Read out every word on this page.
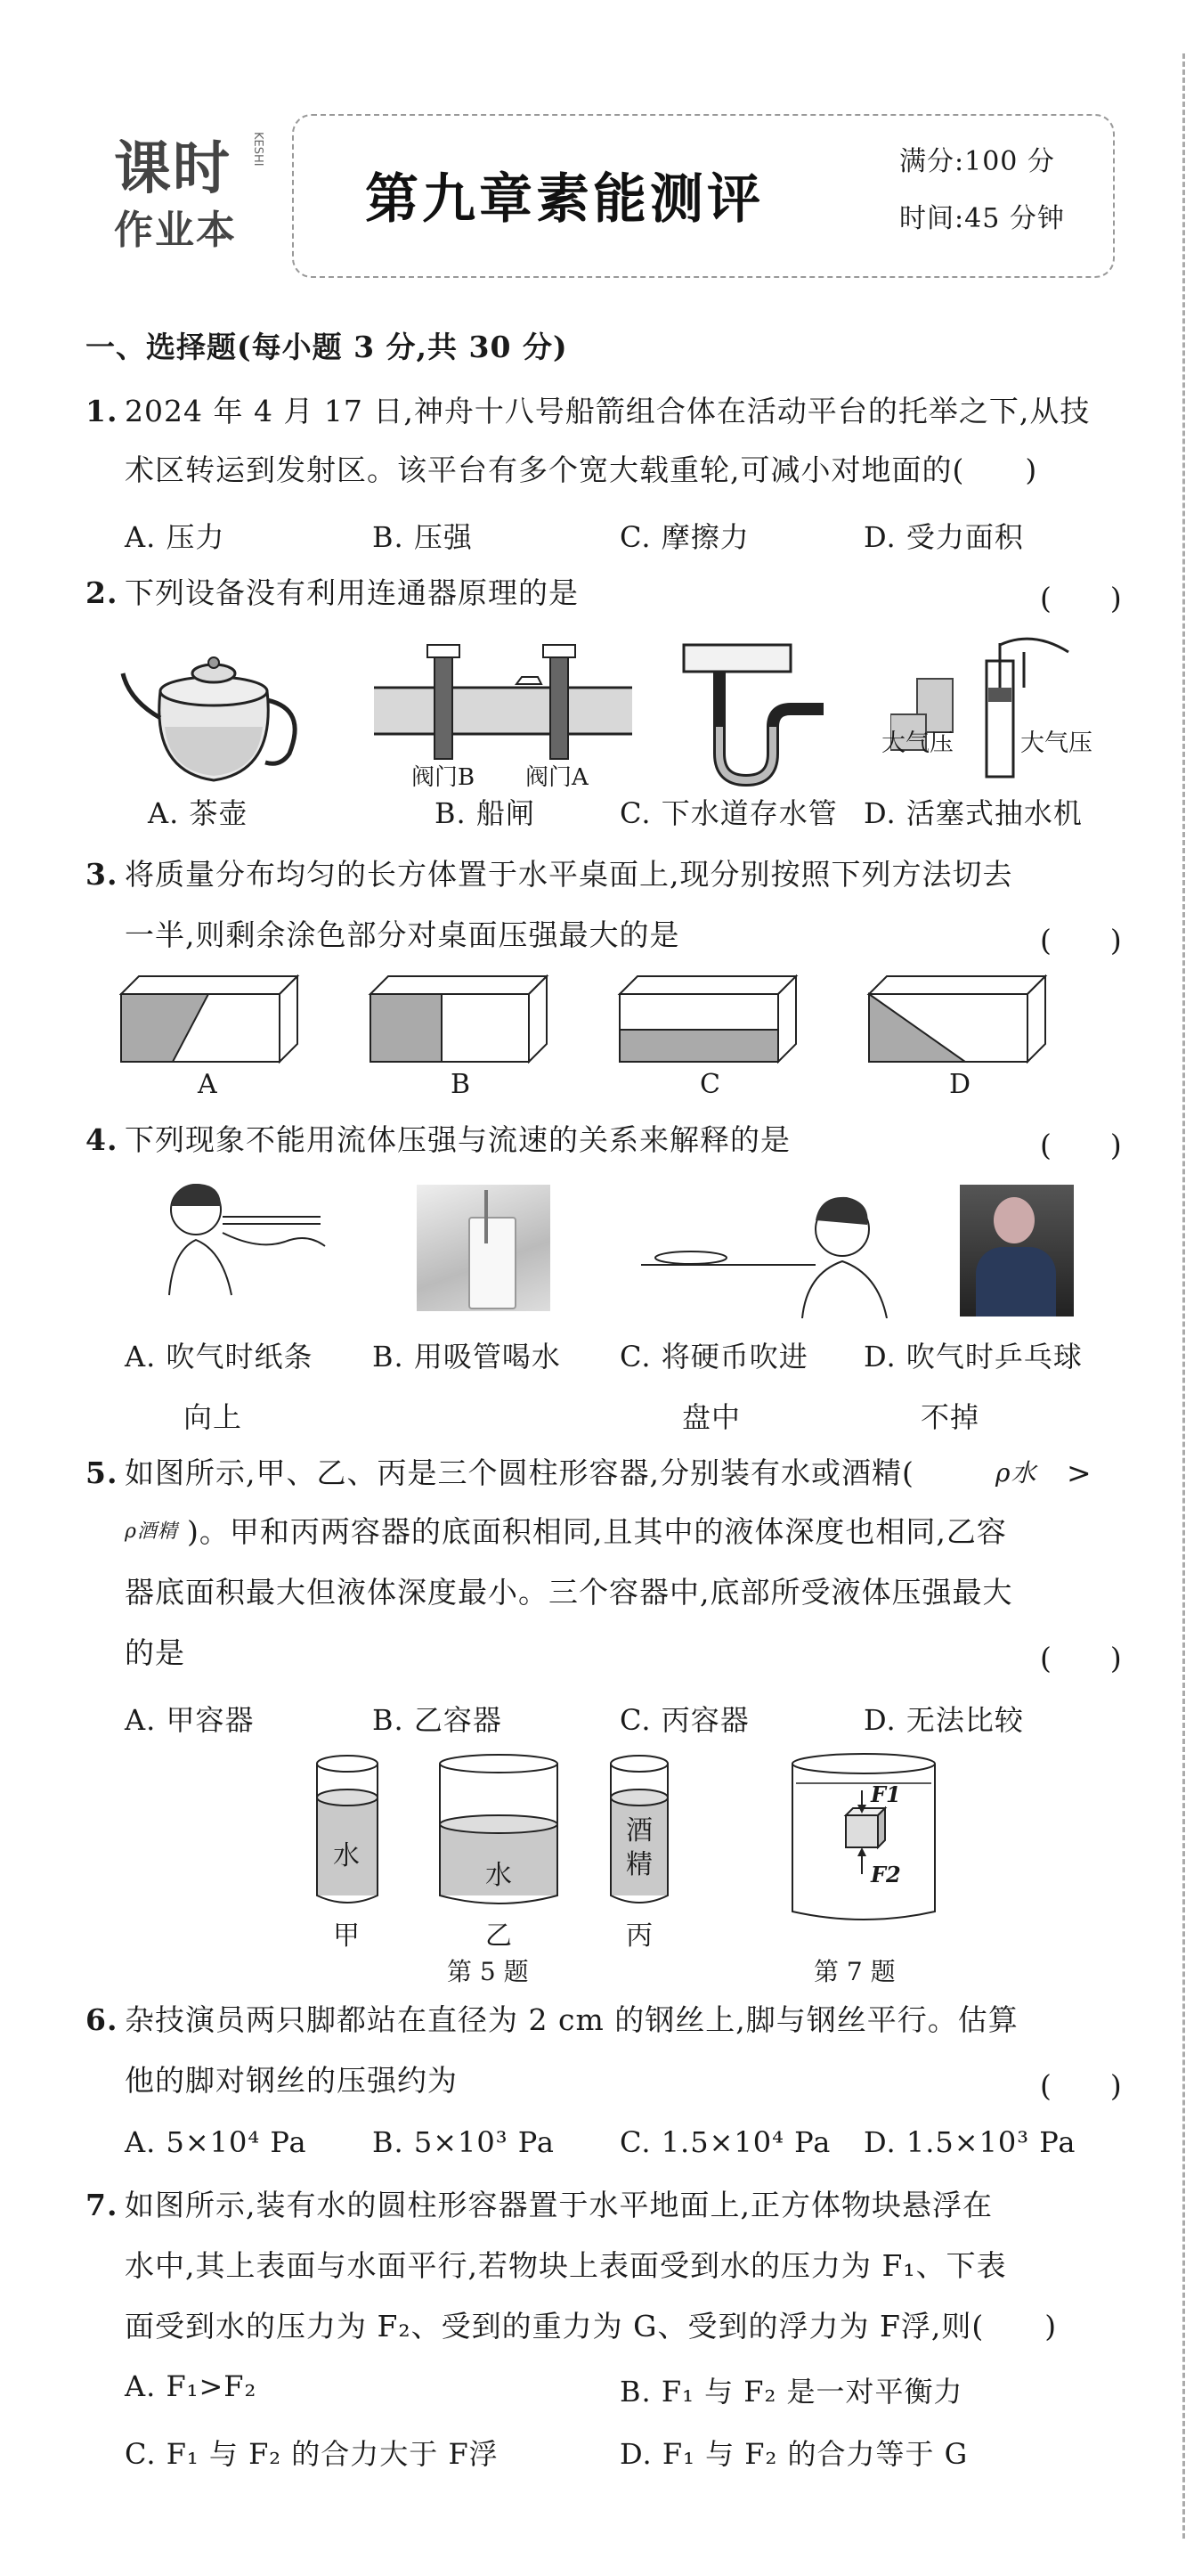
课时 KESHI
作业本 第九章素能测评
满分:100 分
时间:45 分钟
一、选择题(每小题 3 分,共 30 分)
1. 2024 年 4 月 17 日,神舟十八号船箭组合体在活动平台的托举之下,从技
术区转运到发射区。该平台有多个宽大载重轮,可减小对地面的(　　)
A. 压力	B. 压强	C. 摩擦力	D. 受力面积
2. 下列设备没有利用连通器原理的是	(　　)
阀门B 阀门A
大气压	大气压
A. 茶壶	B. 船闸	C. 下水道存水管 D. 活塞式抽水机
3. 将质量分布均匀的长方体置于水平桌面上,现分别按照下列方法切去
一半,则剩余涂色部分对桌面压强最大的是	(　　)
A	B	C	D
4. 下列现象不能用流体压强与流速的关系来解释的是	(　　)
A. 吹气时纸条 B. 用吸管喝水 C. 将硬币吹进 D. 吹气时乒乓球
向上	盘中	不掉
5. 如图所示,甲、乙、丙是三个圆柱形容器,分别装有水或酒精(	ρ水 >
ρ酒精 )。甲和丙两容器的底面积相同,且其中的液体深度也相同,乙容
器底面积最大但液体深度最小。三个容器中,底部所受液体压强最大
的是	(　　)
A. 甲容器	B. 乙容器	C. 丙容器	D. 无法比较
水
水
酒
精
甲	乙	丙
第 5 题
F1
F2
第 7 题
6. 杂技演员两只脚都站在直径为 2 cm 的钢丝上,脚与钢丝平行。估算
他的脚对钢丝的压强约为	(　　)
A. 5×10⁴ Pa B. 5×10³ Pa C. 1.5×10⁴ Pa D. 1.5×10³ Pa
7. 如图所示,装有水的圆柱形容器置于水平地面上,正方体物块悬浮在
水中,其上表面与水面平行,若物块上表面受到水的压力为 F₁、下表
面受到水的压力为 F₂、受到的重力为 G、受到的浮力为 F浮,则(　　)
A. F₁>F₂	B. F₁ 与 F₂ 是一对平衡力
C. F₁ 与 F₂ 的合力大于 F浮	D. F₁ 与 F₂ 的合力等于 G
